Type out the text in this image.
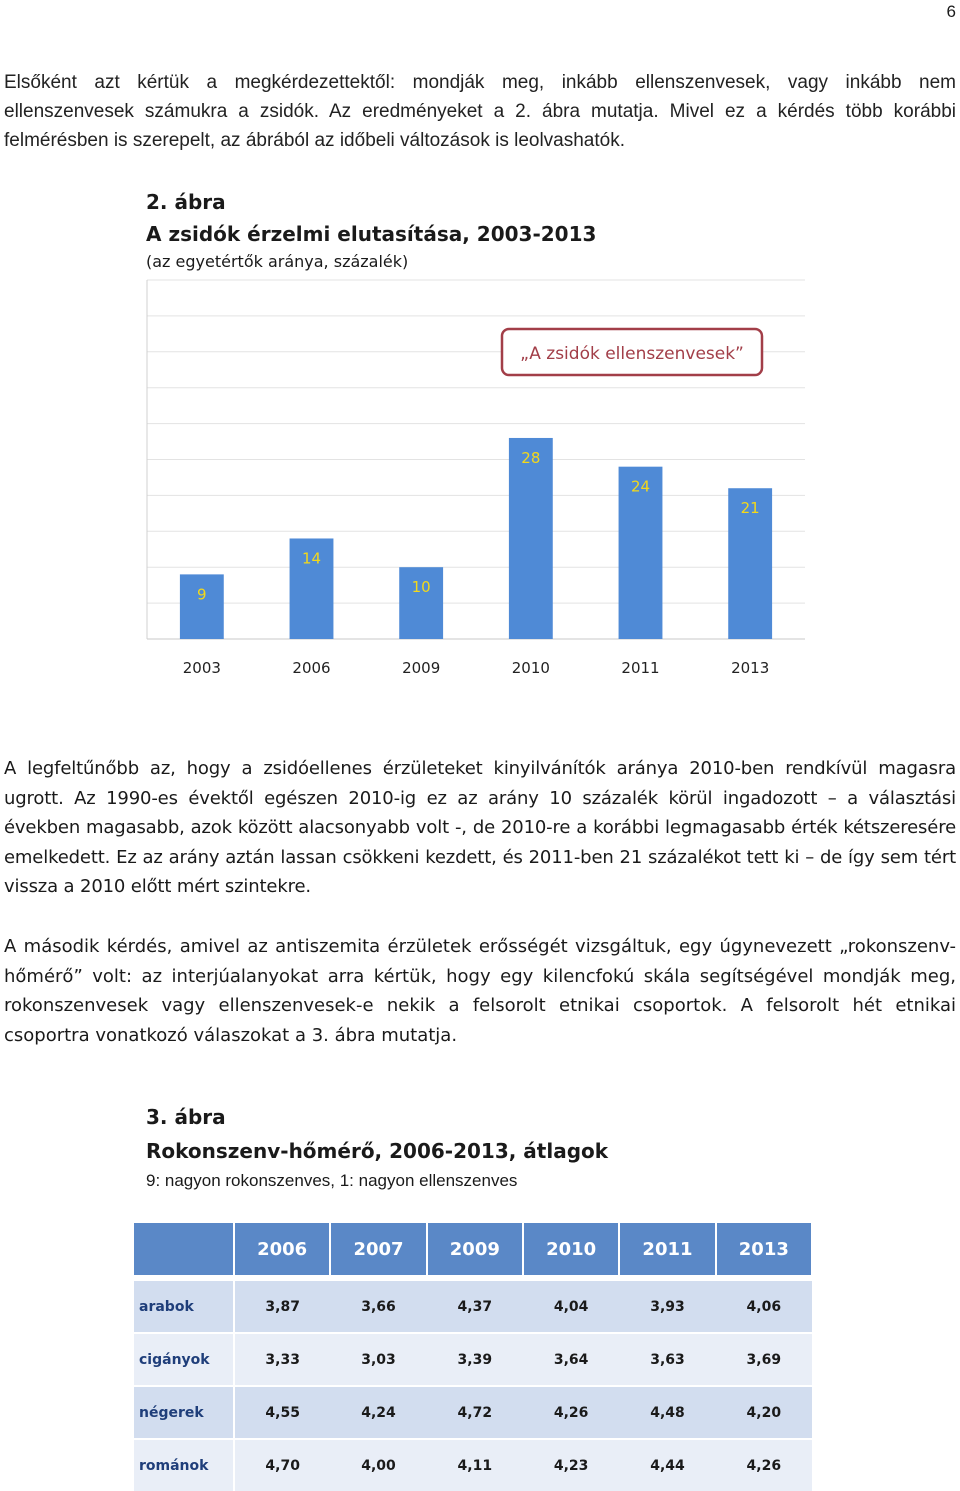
6

Elsőként azt kértük a megkérdezettektől: mondják meg, inkább ellenszenvesek, vagy inkább nem ellenszenvesek számukra a zsidók. Az eredményeket a 2. ábra mutatja. Mivel ez a kérdés több korábbi felmérésben is szerepelt, az ábrából az időbeli változások is leolvashatók.

2. ábra
A zsidók érzelmi elutasítása, 2003-2013
(az egyetértők aránya, százalék)
„A zsidók ellenszenvesek”
9
14
10
28
24
21
2003	2006	2009	2010	2011	2013

A legfeltűnőbb az, hogy a zsidóellenes érzületeket kinyilvánítók aránya 2010-ben rendkívül magasra ugrott. Az 1990-es évektől egészen 2010-ig ez az arány 10 százalék körül ingadozott – a választási években magasabb, azok között alacsonyabb volt -, de 2010-re a korábbi legmagasabb érték kétszeresére emelkedett. Ez az arány aztán lassan csökkeni kezdett, és 2011-ben 21 százalékot tett ki – de így sem tért vissza a 2010 előtt mért szintekre.

A második kérdés, amivel az antiszemita érzületek erősségét vizsgáltuk, egy úgynevezett „rokonszenv-hőmérő” volt: az interjúalanyokat arra kértük, hogy egy kilencfokú skála segítségével mondják meg, rokonszenvesek vagy ellenszenvesek-e nekik a felsorolt etnikai csoportok. A felsorolt hét etnikai csoportra vonatkozó válaszokat a 3. ábra mutatja.

3. ábra
Rokonszenv-hőmérő, 2006-2013, átlagok
9: nagyon rokonszenves, 1: nagyon ellenszenves
	2006	2007	2009	2010	2011	2013
arabok	3,87	3,66	4,37	4,04	3,93	4,06
cigányok	3,33	3,03	3,39	3,64	3,63	3,69
négerek	4,55	4,24	4,72	4,26	4,48	4,20
románok	4,70	4,00	4,11	4,23	4,44	4,26
